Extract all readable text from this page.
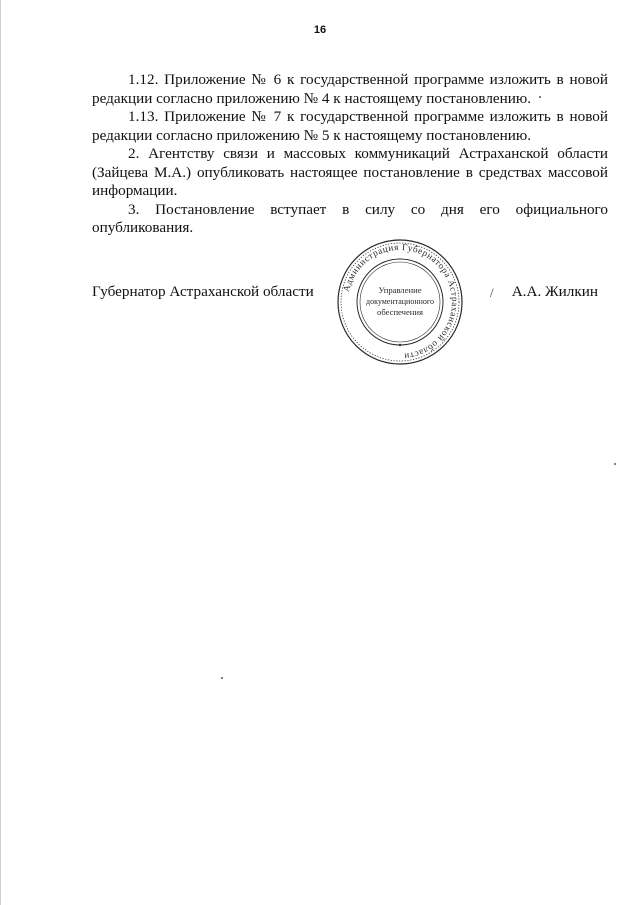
16

1.12. Приложение № 6 к государственной программе изложить в новой редакции согласно приложению № 4 к настоящему постановлению.

1.13. Приложение № 7 к государственной программе изложить в новой редакции согласно приложению № 5 к настоящему постановлению.

2. Агентству связи и массовых коммуникаций Астраханской области (Зайцева М.А.) опубликовать настоящее постановление в средствах массовой информации.

3. Постановление вступает в силу со дня его официального опубликования.

Губернатор Астраханской области	/ А.А. Жилкин
Администрация Губернатора Астраханской области
Управление
документационного
обеспечения
